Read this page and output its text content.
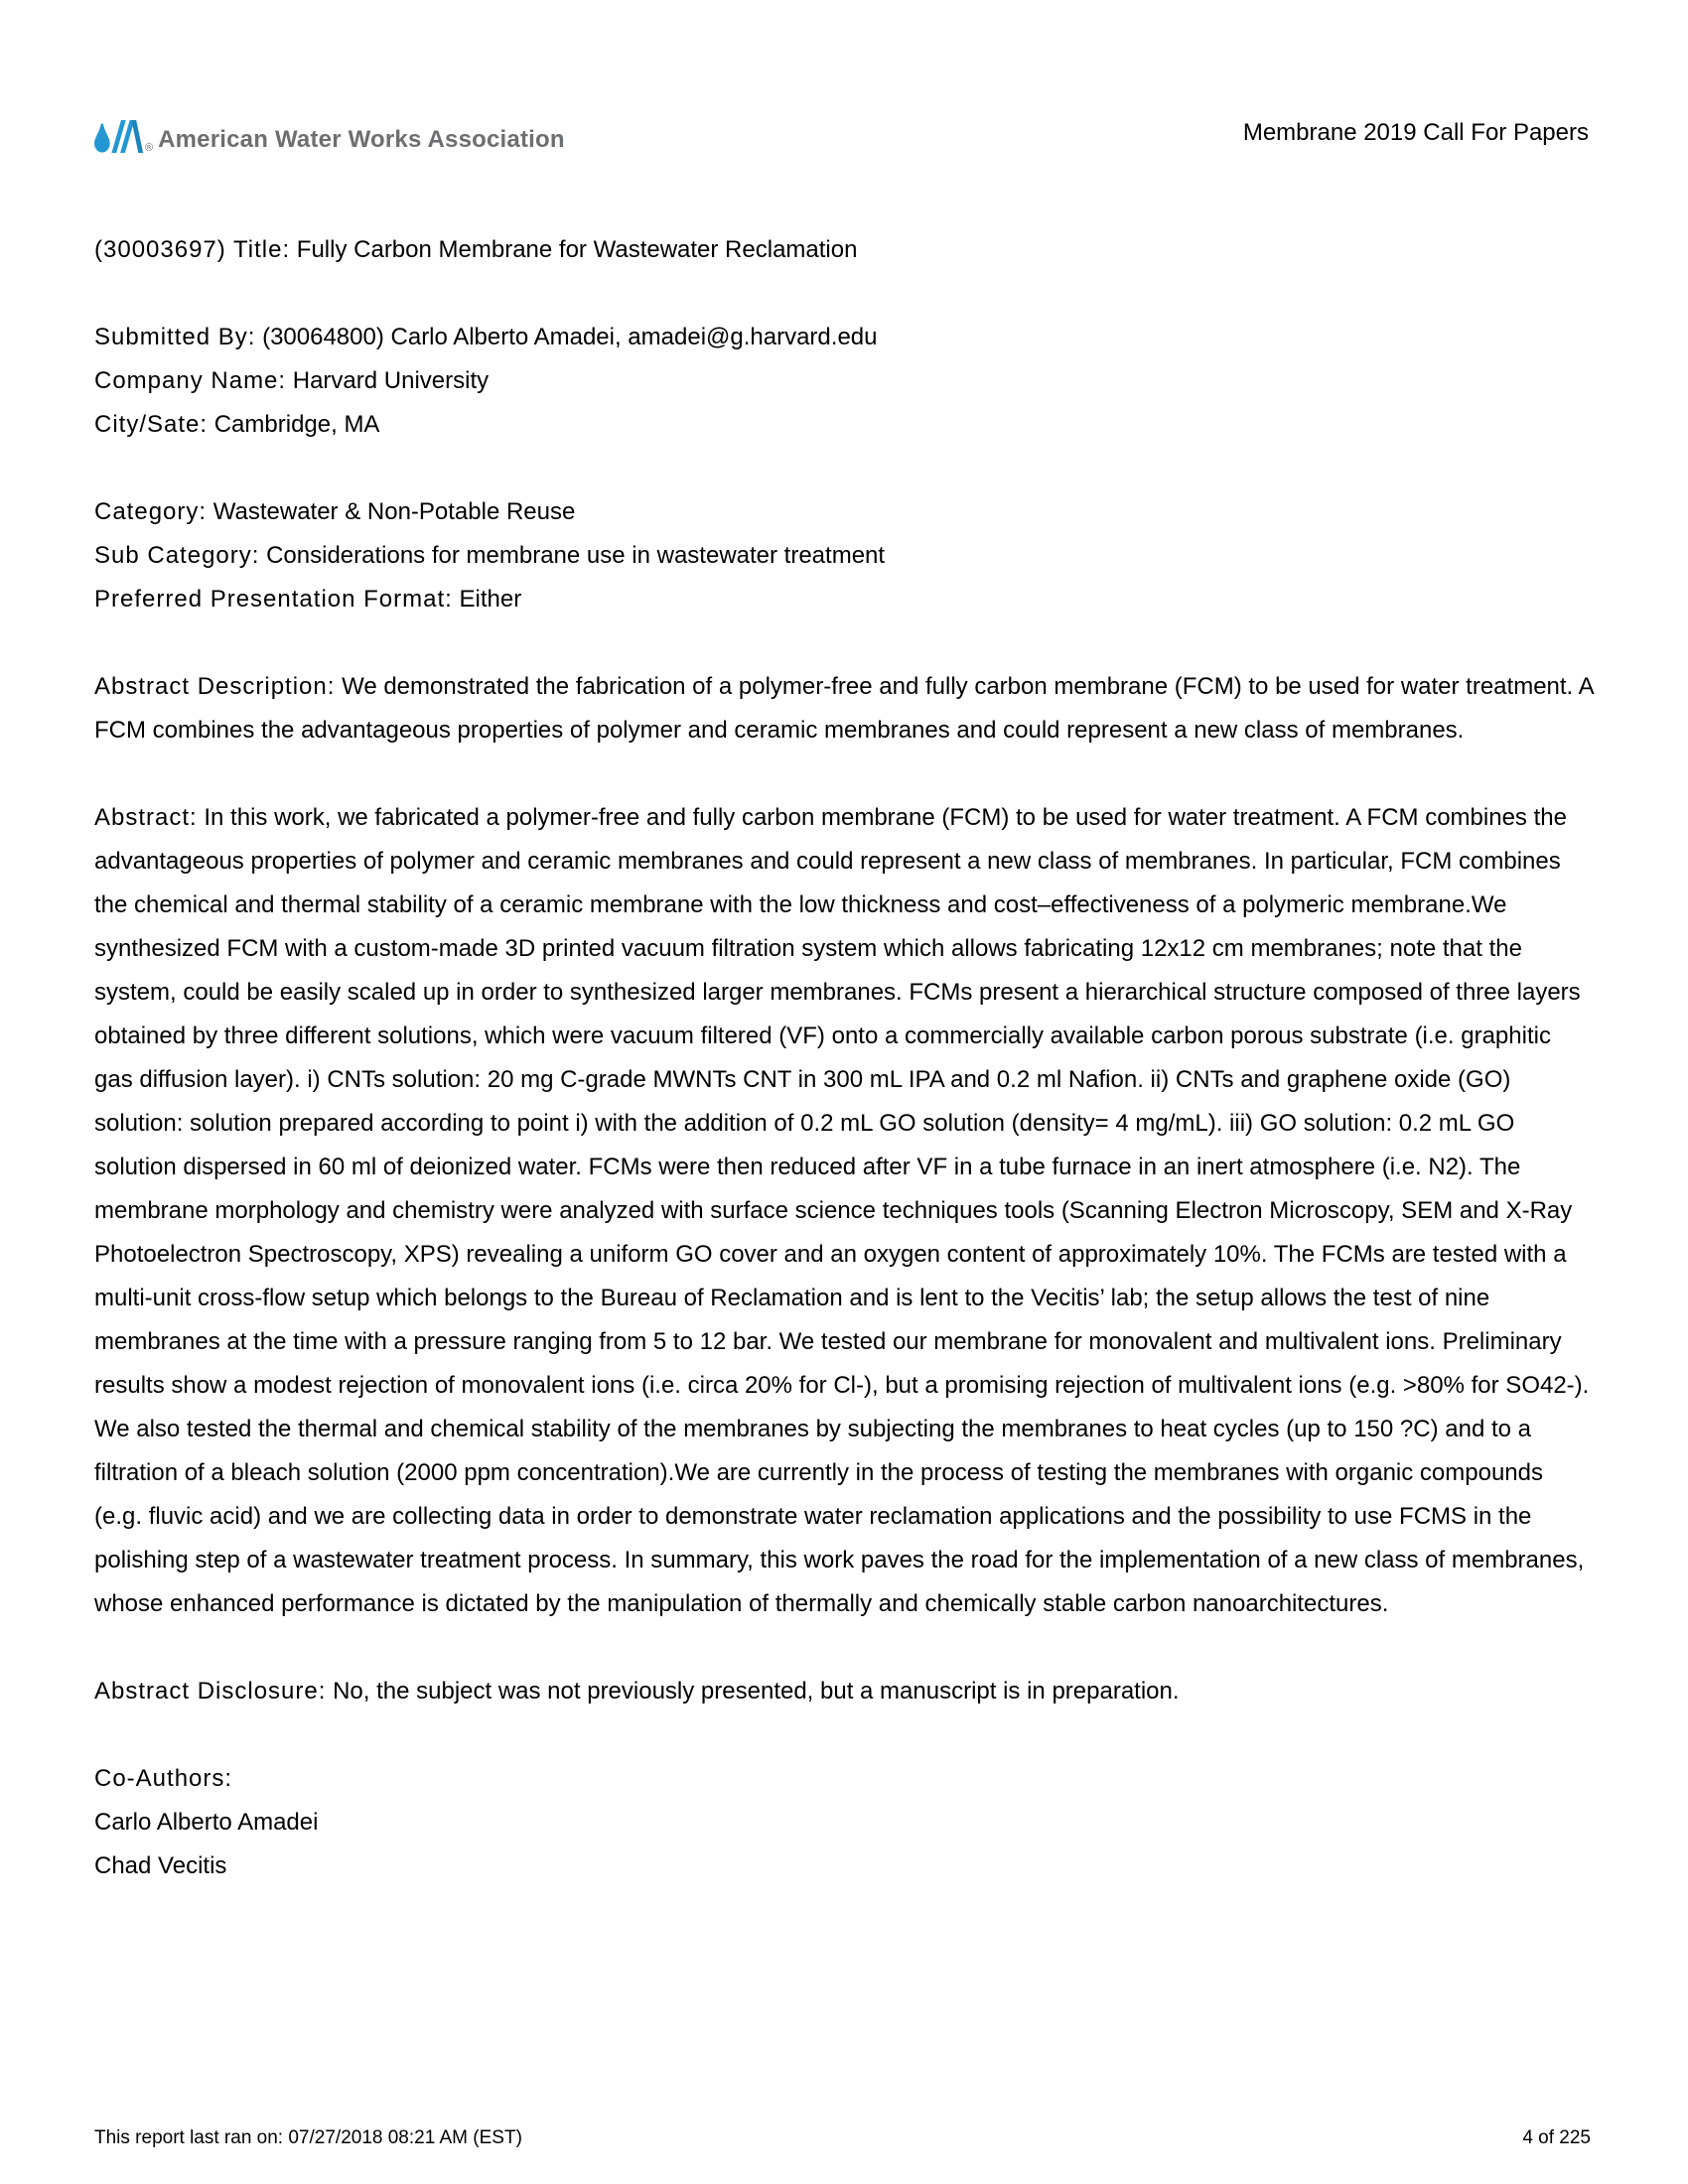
® American Water Works Association	Membrane 2019 Call For Papers
(30003697) Title: Fully Carbon Membrane for Wastewater Reclamation
Submitted By: (30064800) Carlo Alberto Amadei, amadei@g.harvard.edu
Company Name: Harvard University
City/Sate: Cambridge, MA
Category: Wastewater & Non-Potable Reuse
Sub Category: Considerations for membrane use in wastewater treatment
Preferred Presentation Format: Either
Abstract Description: We demonstrated the fabrication of a polymer-free and fully carbon membrane (FCM) to be used for water treatment. A FCM combines the advantageous properties of polymer and ceramic membranes and could represent a new class of membranes.
Abstract: In this work, we fabricated a polymer-free and fully carbon membrane (FCM) to be used for water treatment. A FCM combines the advantageous properties of polymer and ceramic membranes and could represent a new class of membranes. In particular, FCM combines the chemical and thermal stability of a ceramic membrane with the low thickness and cost–effectiveness of a polymeric membrane.We synthesized FCM with a custom-made 3D printed vacuum filtration system which allows fabricating 12x12 cm membranes; note that the system, could be easily scaled up in order to synthesized larger membranes. FCMs present a hierarchical structure composed of three layers obtained by three different solutions, which were vacuum filtered (VF) onto a commercially available carbon porous substrate (i.e. graphitic gas diffusion layer). i) CNTs solution: 20 mg C-grade MWNTs CNT in 300 mL IPA and 0.2 ml Nafion. ii) CNTs and graphene oxide (GO) solution: solution prepared according to point i) with the addition of 0.2 mL GO solution (density= 4 mg/mL). iii) GO solution: 0.2 mL GO solution dispersed in 60 ml of deionized water. FCMs were then reduced after VF in a tube furnace in an inert atmosphere (i.e. N2). The membrane morphology and chemistry were analyzed with surface science techniques tools (Scanning Electron Microscopy, SEM and X-Ray Photoelectron Spectroscopy, XPS) revealing a uniform GO cover and an oxygen content of approximately 10%. The FCMs are tested with a multi-unit cross-flow setup which belongs to the Bureau of Reclamation and is lent to the Vecitis’ lab; the setup allows the test of nine membranes at the time with a pressure ranging from 5 to 12 bar. We tested our membrane for monovalent and multivalent ions. Preliminary results show a modest rejection of monovalent ions (i.e. circa 20% for Cl-), but a promising rejection of multivalent ions (e.g. >80% for SO42-). We also tested the thermal and chemical stability of the membranes by subjecting the membranes to heat cycles (up to 150 ?C) and to a filtration of a bleach solution (2000 ppm concentration).We are currently in the process of testing the membranes with organic compounds (e.g. fluvic acid) and we are collecting data in order to demonstrate water reclamation applications and the possibility to use FCMS in the polishing step of a wastewater treatment process. In summary, this work paves the road for the implementation of a new class of membranes, whose enhanced performance is dictated by the manipulation of thermally and chemically stable carbon nanoarchitectures.
Abstract Disclosure: No, the subject was not previously presented, but a manuscript is in preparation.
Co-Authors:
Carlo Alberto Amadei
Chad Vecitis
This report last ran on: 07/27/2018 08:21 AM (EST)	4 of 225
